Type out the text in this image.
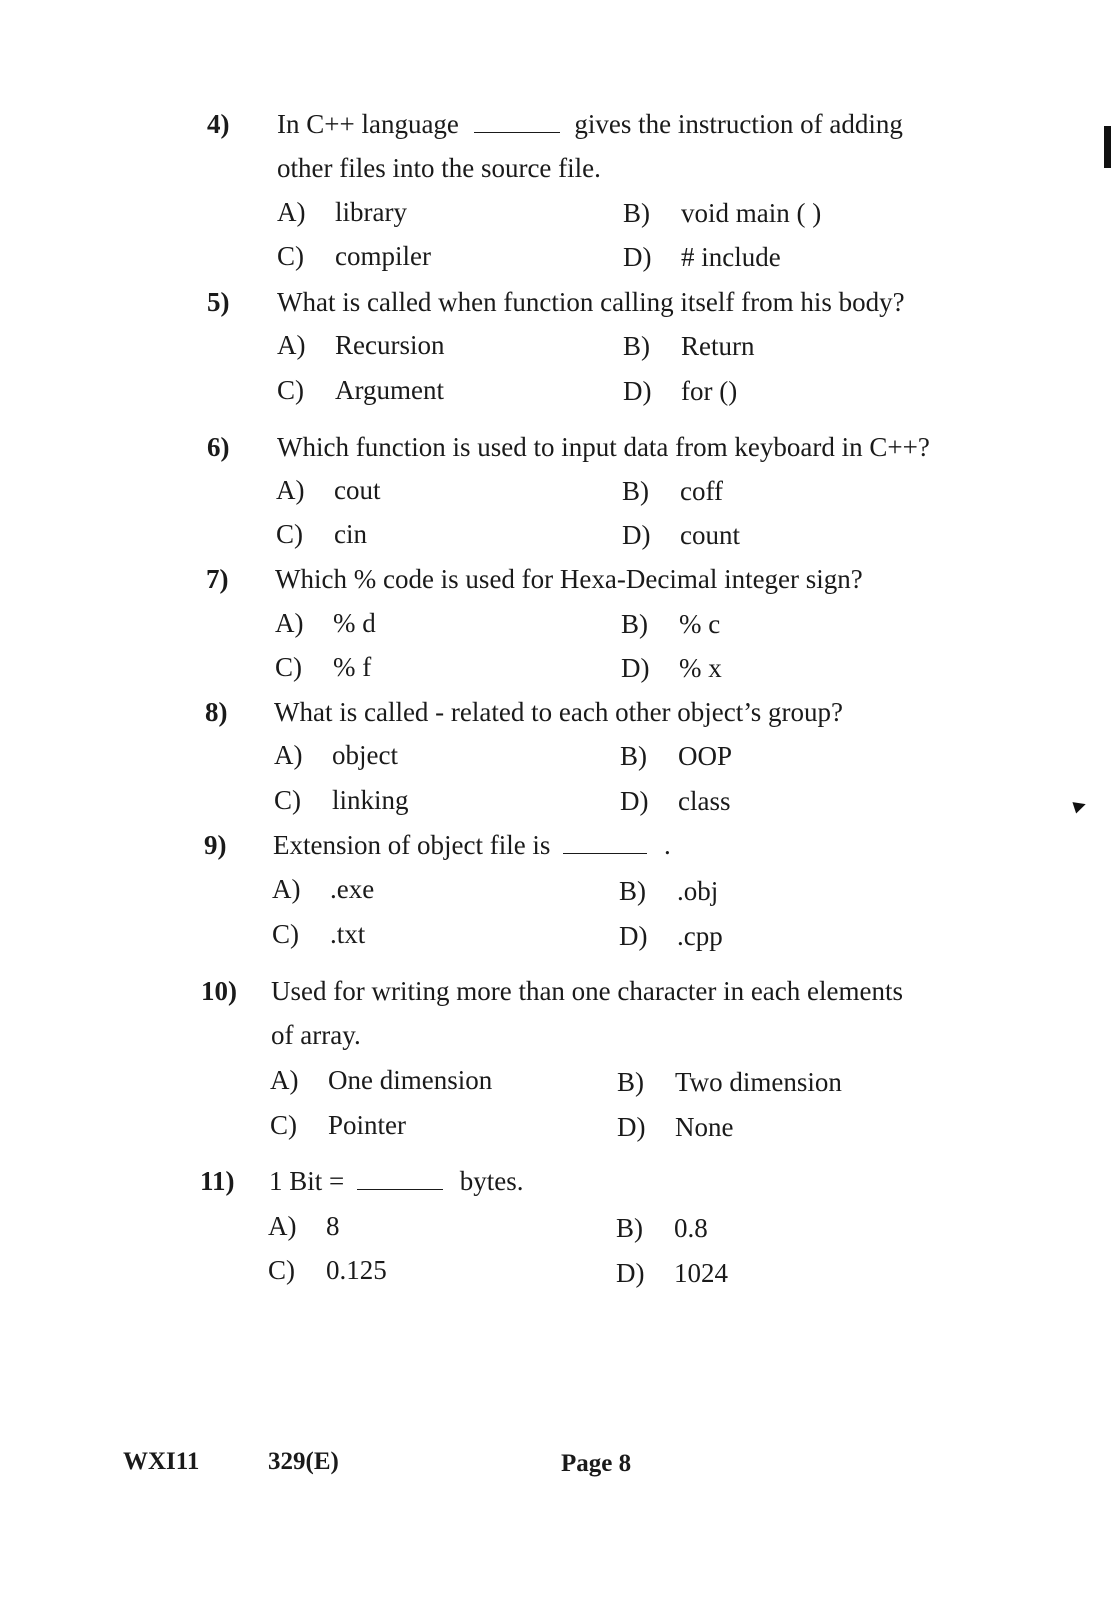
4) In C++ language	gives the instruction of adding
other files into the source file.
A) library	B) void main ( )
C) compiler	D) # include
5) What is called when function calling itself from his body?
A) Recursion	B) Return
C) Argument	D) for ()
6) Which function is used to input data from keyboard in C++?
A) cout	B) coff
C) cin	D) count
7) Which % code is used for Hexa-Decimal integer sign?
A) % d	B) % c
C) % f	D) % x
8) What is called - related to each other object’s group?
A) object	B) OOP
C) linking	D) class
9) Extension of object file is	.
A) .exe	B) .obj
C) .txt	D) .cpp
10) Used for writing more than one character in each elements
of array.
A) One dimension	B) Two dimension
C) Pointer	D) None
11) 1 Bit =	bytes.
A) 8	B) 0.8
C) 0.125	D) 1024
WXI11	329(E)	Page 8
